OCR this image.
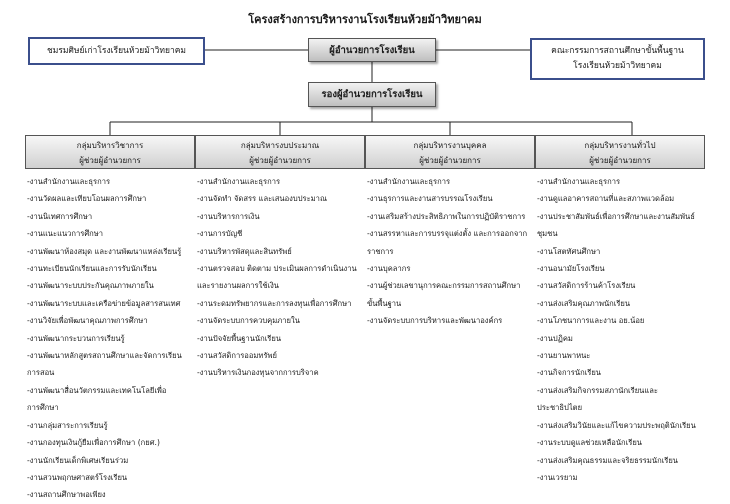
โครงสร้างการบริหารงานโรงเรียนห้วยม้าวิทยาคม
ชมรมศิษย์เก่าโรงเรียนห้วยม้าวิทยาคม	ผู้อำนวยการโรงเรียน	คณะกรรมการสถานศึกษาขั้นพื้นฐาน
โรงเรียนห้วยม้าวิทยาคม
รองผู้อำนวยการโรงเรียน
กลุ่มบริหารวิชาการ
ผู้ช่วยผู้อำนวยการ
กลุ่มบริหารงบประมาณ
ผู้ช่วยผู้อำนวยการ
กลุ่มบริหารงานบุคคล
ผู้ช่วยผู้อำนวยการ
กลุ่มบริหารงานทั่วไป
ผู้ช่วยผู้อำนวยการ
-งานสำนักงานและธุรการ
-งานวัดผลและเทียบโอนผลการศึกษา
-งานนิเทศการศึกษา
-งานแนะแนวการศึกษา
-งานพัฒนาห้องสมุด และงานพัฒนาแหล่งเรียนรู้
-งานทะเบียนนักเรียนและการรับนักเรียน
-งานพัฒนาระบบประกันคุณภาพภายใน
-งานพัฒนาระบบและเครือข่ายข้อมูลสารสนเทศ
-งานวิจัยเพื่อพัฒนาคุณภาพการศึกษา
-งานพัฒนากระบวนการเรียนรู้
-งานพัฒนาหลักสูตรสถานศึกษาและจัดการเรียน
การสอน
-งานพัฒนาสื่อนวัตกรรมและเทคโนโลยีเพื่อ
การศึกษา
-งานกลุ่มสาระการเรียนรู้
-งานกองทุนเงินกู้ยืมเพื่อการศึกษา (กยศ.)
-งานนักเรียนเด็กพิเศษเรียนร่วม
-งานสวนพฤกษศาสตร์โรงเรียน
-งานสถานศึกษาพอเพียง
-งานสำนักงานและธุรการ
-งานจัดทำ จัดสรร และเสนองบประมาณ
-งานบริหารการเงิน
-งานการบัญชี
-งานบริหารพัสดุและสินทรัพย์
-งานตรวจสอบ ติดตาม ประเมินผลการดำเนินงาน
และรายงานผลการใช้เงิน
-งานระดมทรัพยากรและการลงทุนเพื่อการศึกษา
-งานจัดระบบการควบคุมภายใน
-งานปัจจัยพื้นฐานนักเรียน
-งานสวัสดิการออมทรัพย์
-งานบริหารเงินกองทุนจากการบริจาค
-งานสำนักงานและธุรการ
-งานธุรการและงานสารบรรณโรงเรียน
-งานเสริมสร้างประสิทธิภาพในการปฏิบัติราชการ
-งานสรรหาและการบรรจุแต่งตั้ง และการออกจาก
ราชการ
-งานบุคลากร
-งานผู้ช่วยเลขานุการคณะกรรมการสถานศึกษา
ขั้นพื้นฐาน
-งานจัดระบบการบริหารและพัฒนาองค์กร
-งานสำนักงานและธุรการ
-งานดูแลอาคารสถานที่และสภาพแวดล้อม
-งานประชาสัมพันธ์เพื่อการศึกษาและงานสัมพันธ์
ชุมชน
-งานโสตทัศนศึกษา
-งานอนามัยโรงเรียน
-งานสวัสดิการร้านค้าโรงเรียน
-งานส่งเสริมคุณภาพนักเรียน
-งานโภชนาการและงาน อย.น้อย
-งานปฏิคม
-งานยานพาหนะ
-งานกิจการนักเรียน
-งานส่งเสริมกิจกรรมสภานักเรียนและ
ประชาธิปไตย
-งานส่งเสริมวินัยและแก้ไขความประพฤตินักเรียน
-งานระบบดูแลช่วยเหลือนักเรียน
-งานส่งเสริมคุณธรรมและจริยธรรมนักเรียน
-งานเวรยาม
